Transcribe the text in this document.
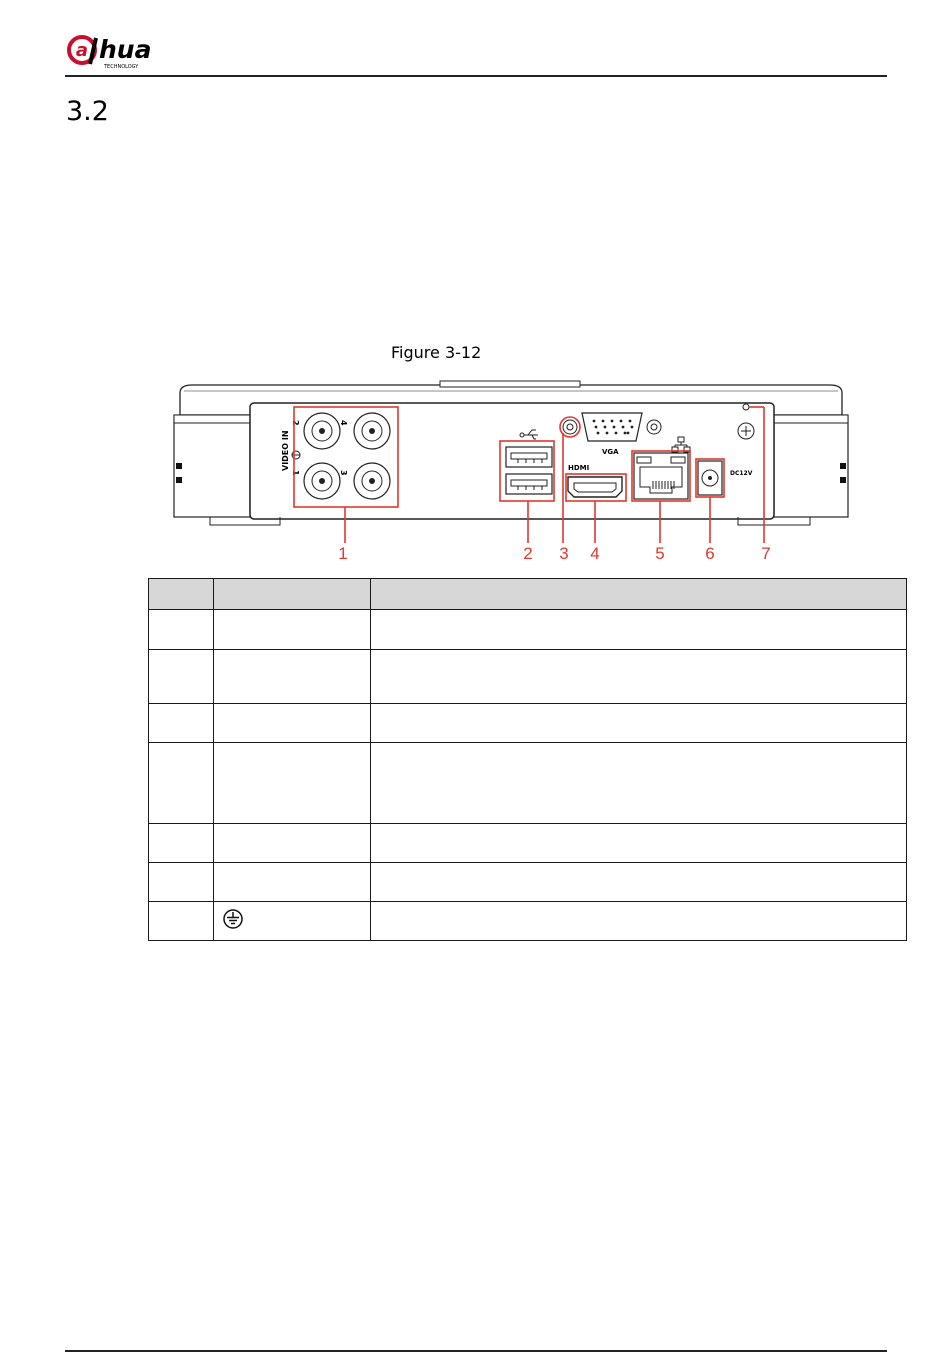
a hua
TECHNOLOGY
3.2
Figure 3-12
VIDEO IN
2	4
1	3
VGA
HDMI
DC12V
1	2 3 4	5 6	7
